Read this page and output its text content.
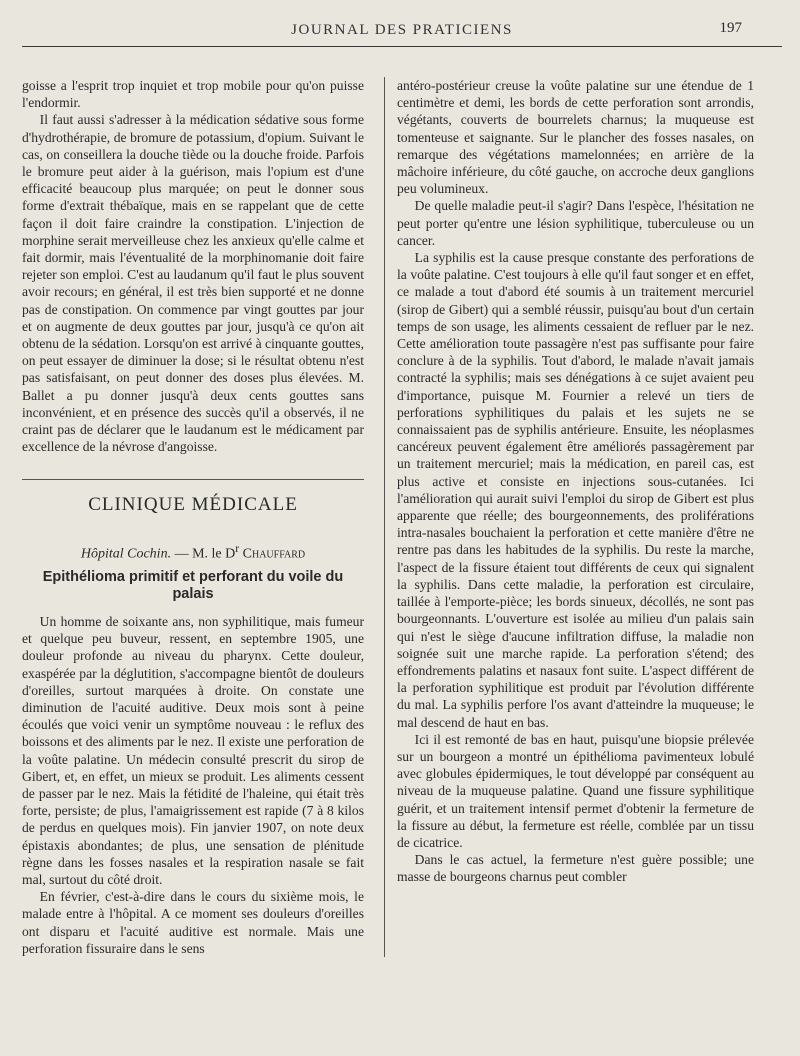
JOURNAL DES PRATICIENS	197

goisse a l'esprit trop inquiet et trop mobile pour qu'on puisse l'endormir.

Il faut aussi s'adresser à la médication sédative sous forme d'hydrothérapie, de bromure de potassium, d'opium. Suivant le cas, on conseillera la douche tiède ou la douche froide. Parfois le bromure peut aider à la guérison, mais l'opium est d'une efficacité beaucoup plus marquée; on peut le donner sous forme d'extrait thébaïque, mais en se rappelant que de cette façon il doit faire craindre la constipation. L'injection de morphine serait merveilleuse chez les anxieux qu'elle calme et fait dormir, mais l'éventualité de la morphinomanie doit faire rejeter son emploi. C'est au laudanum qu'il faut le plus souvent avoir recours; en général, il est très bien supporté et ne donne pas de constipation. On commence par vingt gouttes par jour et on augmente de deux gouttes par jour, jusqu'à ce qu'on ait obtenu de la sédation. Lorsqu'on est arrivé à cinquante gouttes, on peut essayer de diminuer la dose; si le résultat obtenu n'est pas satisfaisant, on peut donner des doses plus élevées. M. Ballet a pu donner jusqu'à deux cents gouttes sans inconvénient, et en présence des succès qu'il a observés, il ne craint pas de déclarer que le laudanum est le médicament par excellence de la névrose d'angoisse.

CLINIQUE MÉDICALE
Hôpital Cochin. — M. le $D^r$ Chauffard
Epithélioma primitif et perforant du voile du palais

Un homme de soixante ans, non syphilitique, mais fumeur et quelque peu buveur, ressent, en septembre 1905, une douleur profonde au niveau du pharynx. Cette douleur, exaspérée par la déglutition, s'accompagne bientôt de douleurs d'oreilles, surtout marquées à droite. On constate une diminution de l'acuité auditive. Deux mois sont à peine écoulés que voici venir un symptôme nouveau : le reflux des boissons et des aliments par le nez. Il existe une perforation de la voûte palatine. Un médecin consulté prescrit du sirop de Gibert, et, en effet, un mieux se produit. Les aliments cessent de passer par le nez. Mais la fétidité de l'haleine, qui était très forte, persiste; de plus, l'amaigrissement est rapide (7 à 8 kilos de perdus en quelques mois). Fin janvier 1907, on note deux épistaxis abondantes; de plus, une sensation de plénitude règne dans les fosses nasales et la respiration nasale se fait mal, surtout du côté droit.

En février, c'est-à-dire dans le cours du sixième mois, le malade entre à l'hôpital. A ce moment ses douleurs d'oreilles ont disparu et l'acuité auditive est normale. Mais une perforation fissuraire dans le sens

antéro-postérieur creuse la voûte palatine sur une étendue de 1 centimètre et demi, les bords de cette perforation sont arrondis, végétants, couverts de bourrelets charnus; la muqueuse est tomenteuse et saignante. Sur le plancher des fosses nasales, on remarque des végétations mamelonnées; en arrière de la mâchoire inférieure, du côté gauche, on accroche deux ganglions peu volumineux.

De quelle maladie peut-il s'agir? Dans l'espèce, l'hésitation ne peut porter qu'entre une lésion syphilitique, tuberculeuse ou un cancer.

La syphilis est la cause presque constante des perforations de la voûte palatine. C'est toujours à elle qu'il faut songer et en effet, ce malade a tout d'abord été soumis à un traitement mercuriel (sirop de Gibert) qui a semblé réussir, puisqu'au bout d'un certain temps de son usage, les aliments cessaient de refluer par le nez. Cette amélioration toute passagère n'est pas suffisante pour faire conclure à de la syphilis. Tout d'abord, le malade n'avait jamais contracté la syphilis; mais ses dénégations à ce sujet avaient peu d'importance, puisque M. Fournier a relevé un tiers de perforations syphilitiques du palais et les sujets ne se connaissaient pas de syphilis antérieure. Ensuite, les néoplasmes cancéreux peuvent également être améliorés passagèrement par un traitement mercuriel; mais la médication, en pareil cas, est plus active et consiste en injections sous-cutanées. Ici l'amélioration qui aurait suivi l'emploi du sirop de Gibert est plus apparente que réelle; des bourgeonnements, des proliférations intra-nasales bouchaient la perforation et cette manière d'être ne rentre pas dans les habitudes de la syphilis. Du reste la marche, l'aspect de la fissure étaient tout différents de ceux qui signalent la syphilis. Dans cette maladie, la perforation est circulaire, taillée à l'emporte-pièce; les bords sinueux, décollés, ne sont pas bourgeonnants. L'ouverture est isolée au milieu d'un palais sain qui n'est le siège d'aucune infiltration diffuse, la maladie non soignée suit une marche rapide. La perforation s'étend; des effondrements palatins et nasaux font suite. L'aspect différent de la perforation syphilitique est produit par l'évolution différente du mal. La syphilis perfore l'os avant d'atteindre la muqueuse; le mal descend de haut en bas.

Ici il est remonté de bas en haut, puisqu'une biopsie prélevée sur un bourgeon a montré un épithélioma pavimenteux lobulé avec globules épidermiques, le tout développé par conséquent au niveau de la muqueuse palatine. Quand une fissure syphilitique guérit, et un traitement intensif permet d'obtenir la fermeture de la fissure au début, la fermeture est réelle, comblée par un tissu de cicatrice.

Dans le cas actuel, la fermeture n'est guère possible; une masse de bourgeons charnus peut combler
